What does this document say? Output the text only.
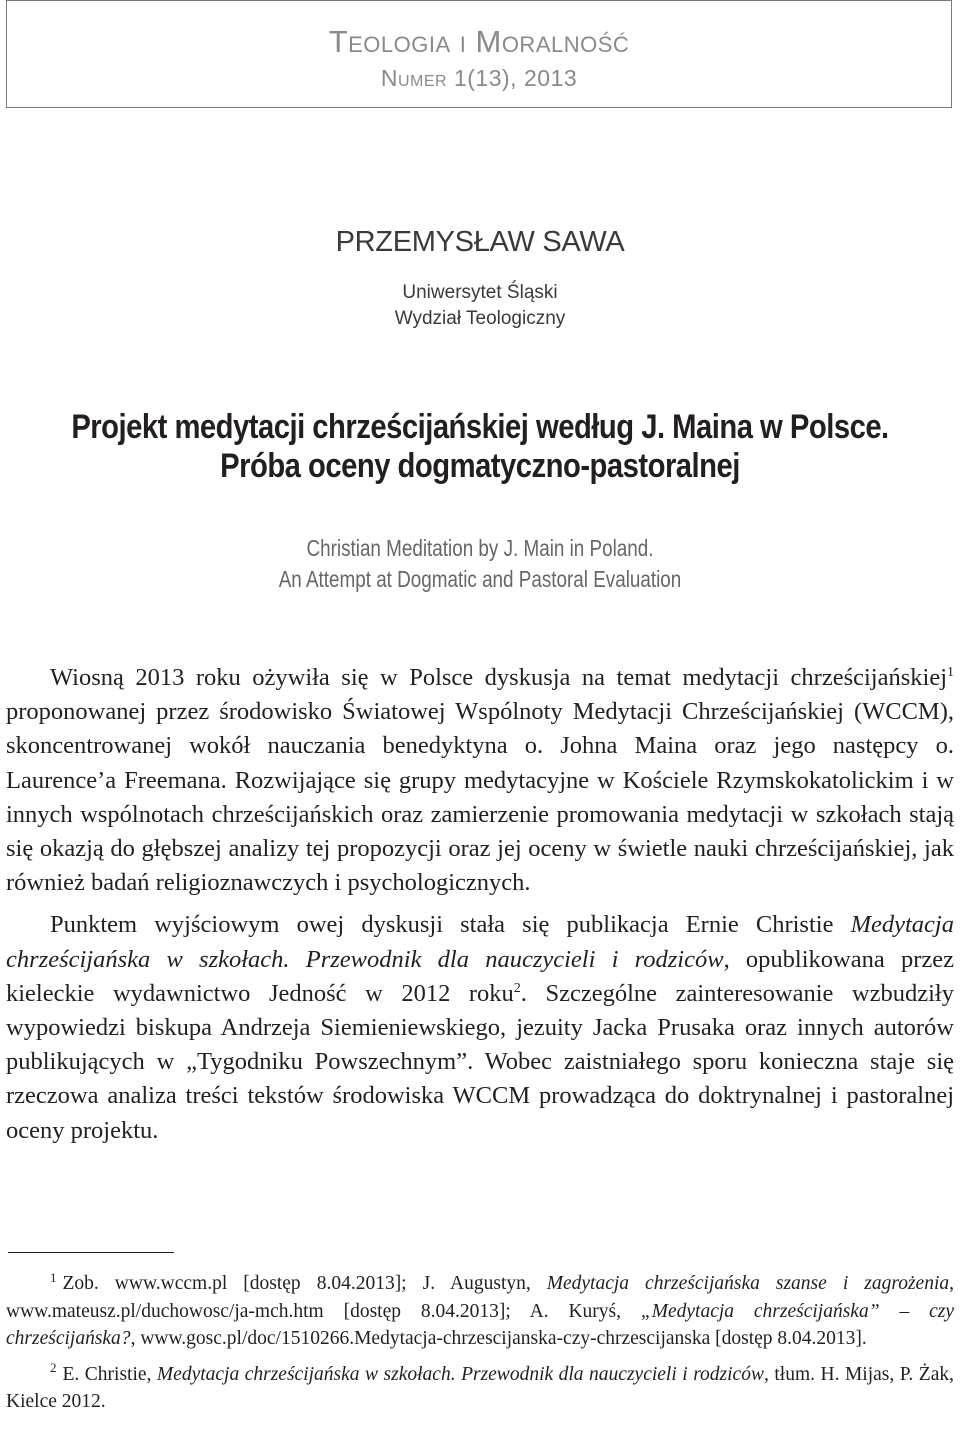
Teologia i Moralność
Numer 1(13), 2013
PRZEMYSŁAW SAWA
Uniwersytet Śląski
Wydział Teologiczny
Projekt medytacji chrześcijańskiej według J. Maina w Polsce.
Próba oceny dogmatyczno-pastoralnej
Christian Meditation by J. Main in Poland.
An Attempt at Dogmatic and Pastoral Evaluation

Wiosną 2013 roku ożywiła się w Polsce dyskusja na temat medytacji chrześcijańskiej$^1$ proponowanej przez środowisko Światowej Wspólnoty Medytacji Chrześcijańskiej (WCCM), skoncentrowanej wokół nauczania benedyktyna o. Johna Maina oraz jego następcy o. Laurence’a Freemana. Rozwijające się grupy medytacyjne w Kościele Rzymskokatolickim i w innych wspólnotach chrześcijańskich oraz zamierzenie promowania medytacji w szkołach stają się okazją do głębszej analizy tej propozycji oraz jej oceny w świetle nauki chrześcijańskiej, jak również badań religioznawczych i psychologicznych.

Punktem wyjściowym owej dyskusji stała się publikacja Ernie Christie Medytacja chrześcijańska w szkołach. Przewodnik dla nauczycieli i rodziców, opublikowana przez kieleckie wydawnictwo Jedność w 2012 roku$^2$. Szczególne zainteresowanie wzbudziły wypowiedzi biskupa Andrzeja Siemieniewskiego, jezuity Jacka Prusaka oraz innych autorów publikujących w „Tygodniku Powszechnym”. Wobec zaistniałego sporu konieczna staje się rzeczowa analiza treści tekstów środowiska WCCM prowadząca do doktrynalnej i pastoralnej oceny projektu.

$^1$ Zob. www.wccm.pl [dostęp 8.04.2013]; J. Augustyn, Medytacja chrześcijańska szanse i zagrożenia, www.mateusz.pl/duchowosc/ja-mch.htm [dostęp 8.04.2013]; A. Kuryś, „Medytacja chrześcijańska” – czy chrześcijańska?, www.gosc.pl/doc/1510266.Medytacja-chrzescijanska-czy-chrzescijanska [dostęp 8.04.2013].

$^2$ E. Christie, Medytacja chrześcijańska w szkołach. Przewodnik dla nauczycieli i rodziców, tłum. H. Mijas, P. Żak, Kielce 2012.
